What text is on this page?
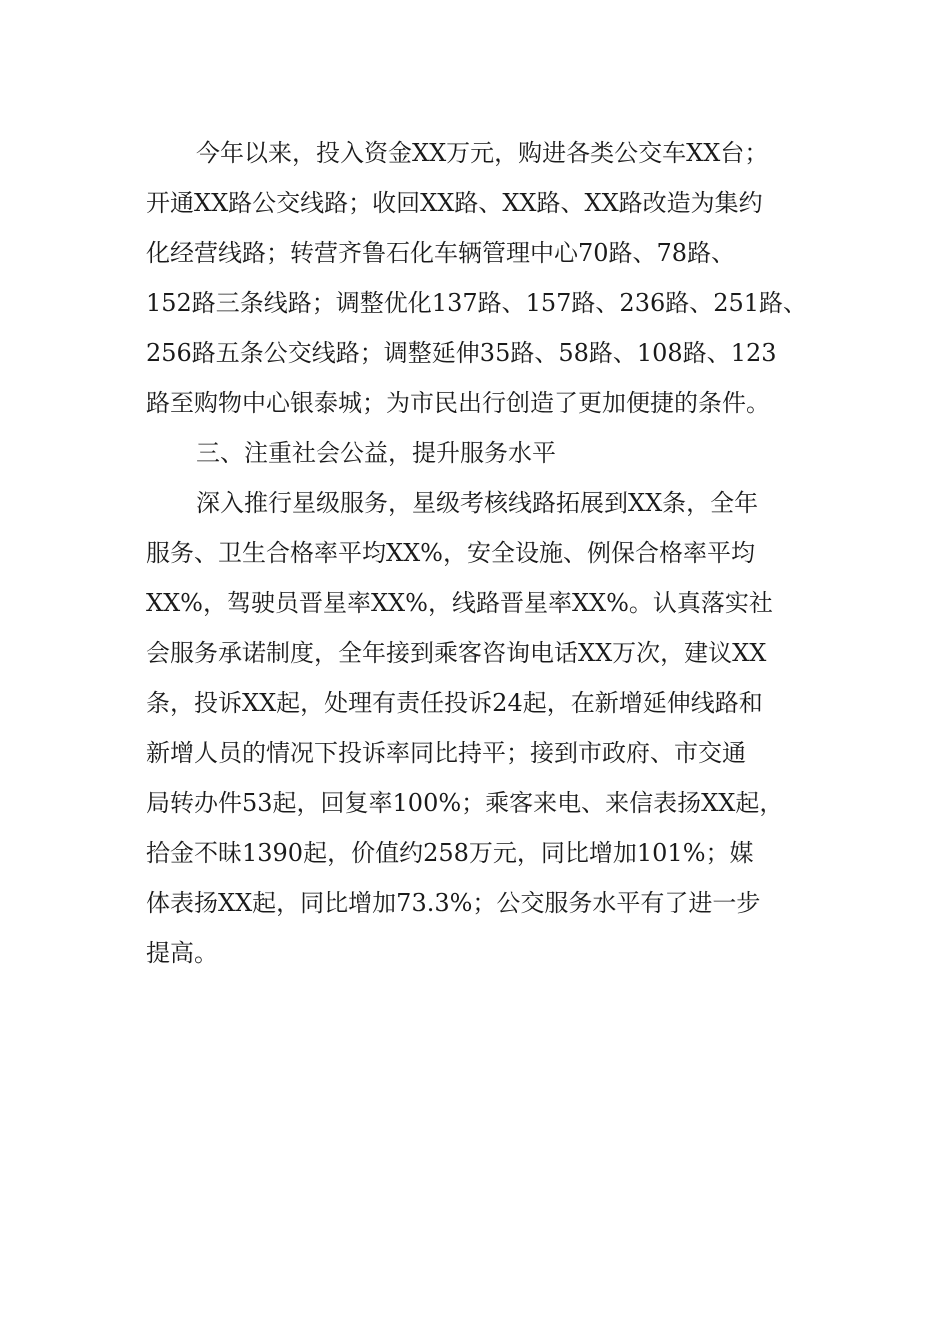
今年以来，投入资金XX万元，购进各类公交车XX台；
开通XX路公交线路；收回XX路、XX路、XX路改造为集约
化经营线路；转营齐鲁石化车辆管理中心70路、78路、
152路三条线路；调整优化137路、157路、236路、251路、
256路五条公交线路；调整延伸35路、58路、108路、123
路至购物中心银泰城；为市民出行创造了更加便捷的条件。
三、注重社会公益，提升服务水平
深入推行星级服务，星级考核线路拓展到XX条，全年
服务、卫生合格率平均XX%，安全设施、例保合格率平均
XX%，驾驶员晋星率XX%，线路晋星率XX%。认真落实社
会服务承诺制度，全年接到乘客咨询电话XX万次，建议XX
条，投诉XX起，处理有责任投诉24起，在新增延伸线路和
新增人员的情况下投诉率同比持平；接到市政府、市交通
局转办件53起，回复率100%；乘客来电、来信表扬XX起，
拾金不昧1390起，价值约258万元，同比增加101%；媒
体表扬XX起，同比增加73.3%；公交服务水平有了进一步
提高。
